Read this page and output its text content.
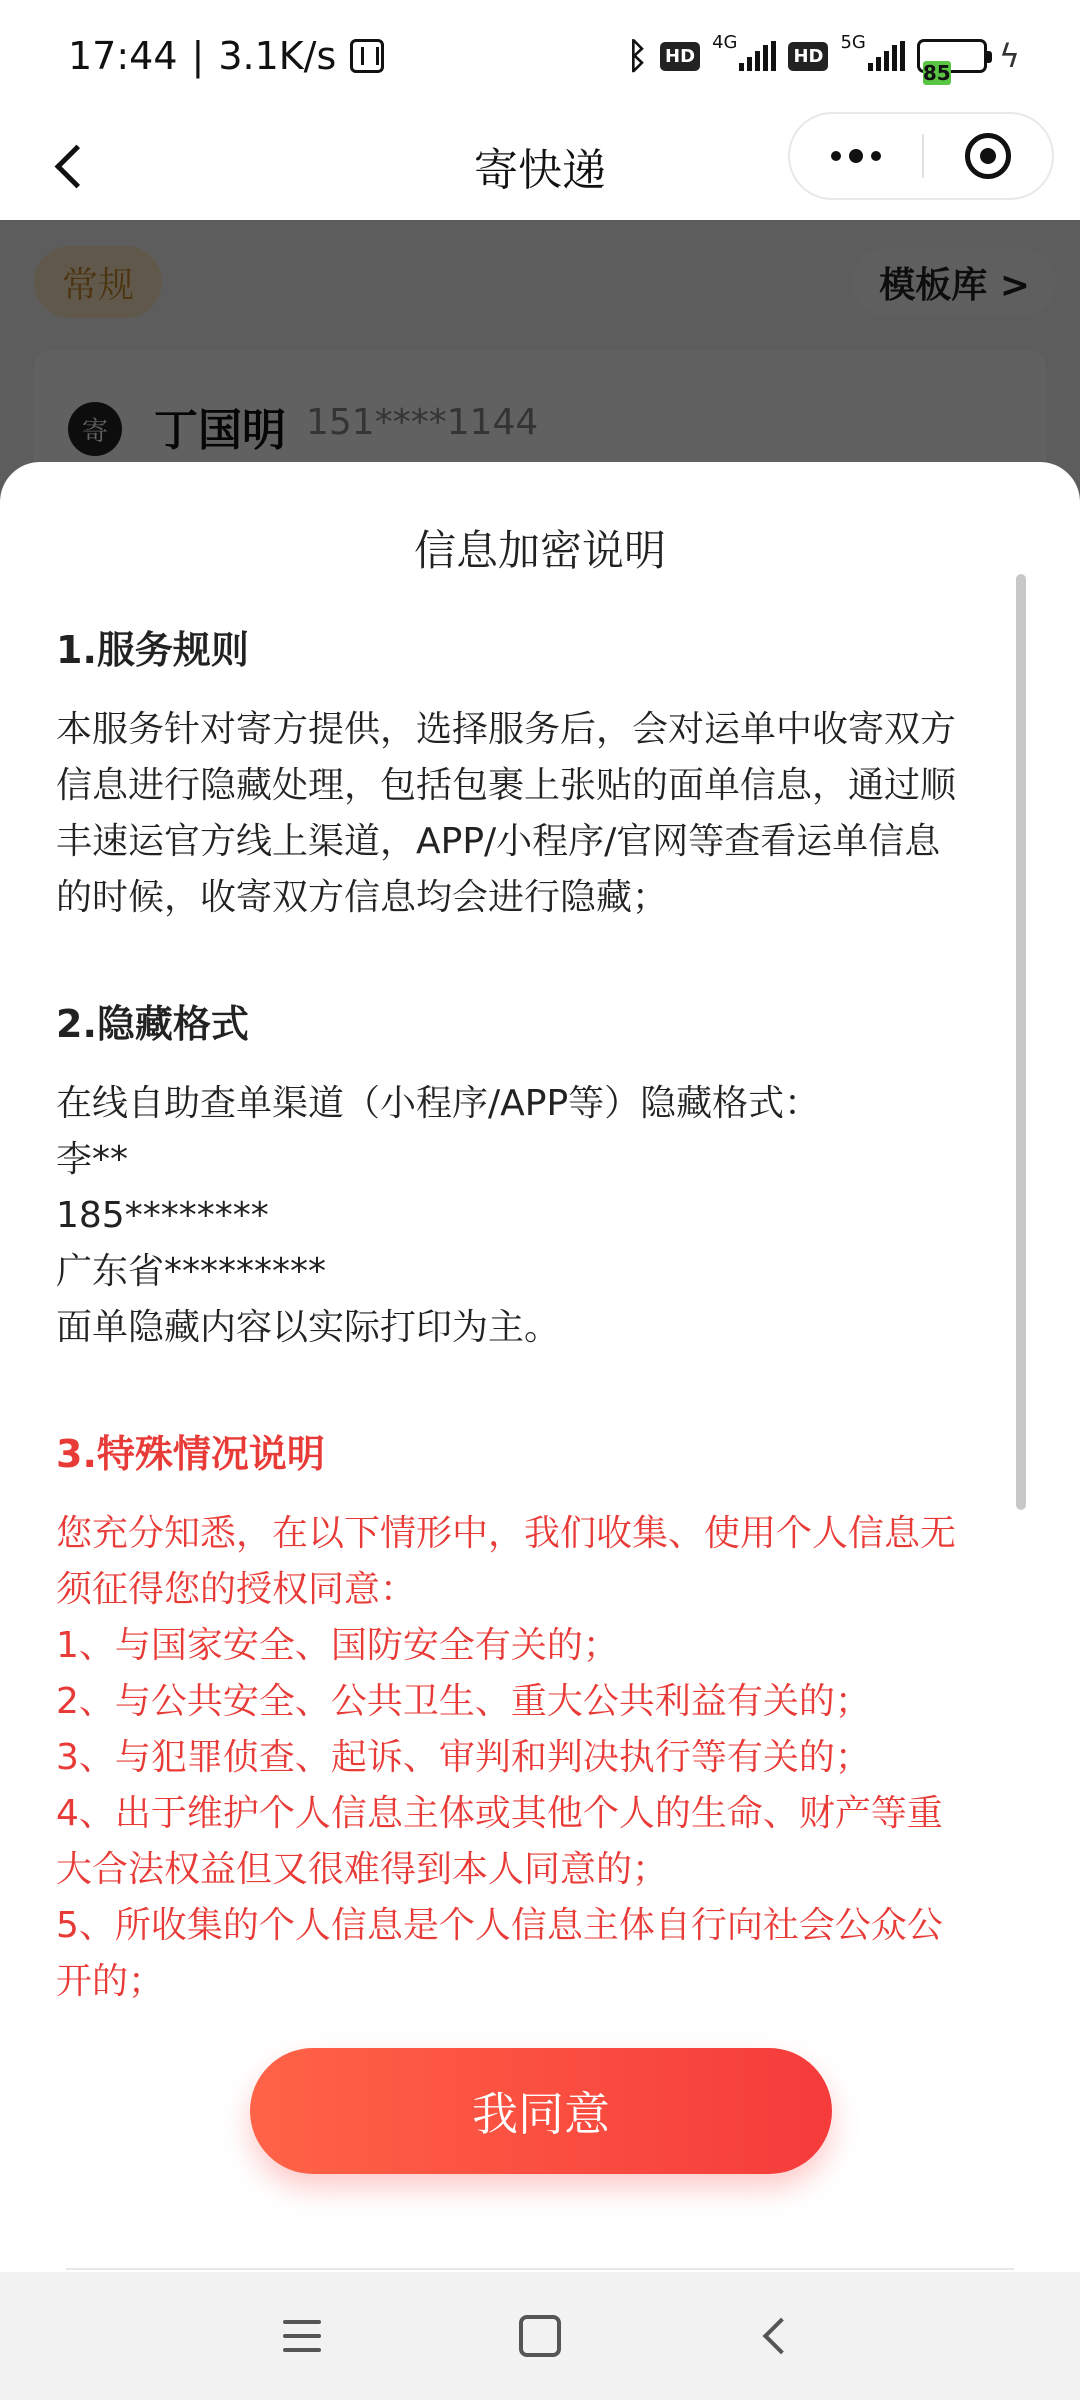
17:44 | 3.1K/s	ᛒ HD
4G
HD
5G
85	ϟ
寄快递
信息加密说明
1.服务规则
本服务针对寄方提供，选择服务后，会对运单中收寄双方
信息进行隐藏处理，包括包裹上张贴的面单信息，通过顺
丰速运官方线上渠道，APP/小程序/官网等查看运单信息
的时候，收寄双方信息均会进行隐藏；
2.隐藏格式
在线自助查单渠道（小程序/APP等）隐藏格式：
李**
185********
广东省*********
面单隐藏内容以实际打印为主。
3.特殊情况说明
您充分知悉，在以下情形中，我们收集、使用个人信息无
须征得您的授权同意：
1、与国家安全、国防安全有关的；
2、与公共安全、公共卫生、重大公共利益有关的；
3、与犯罪侦查、起诉、审判和判决执行等有关的；
4、出于维护个人信息主体或其他个人的生命、财产等重
大合法权益但又很难得到本人同意的；
5、所收集的个人信息是个人信息主体自行向社会公众公
开的；
我同意
